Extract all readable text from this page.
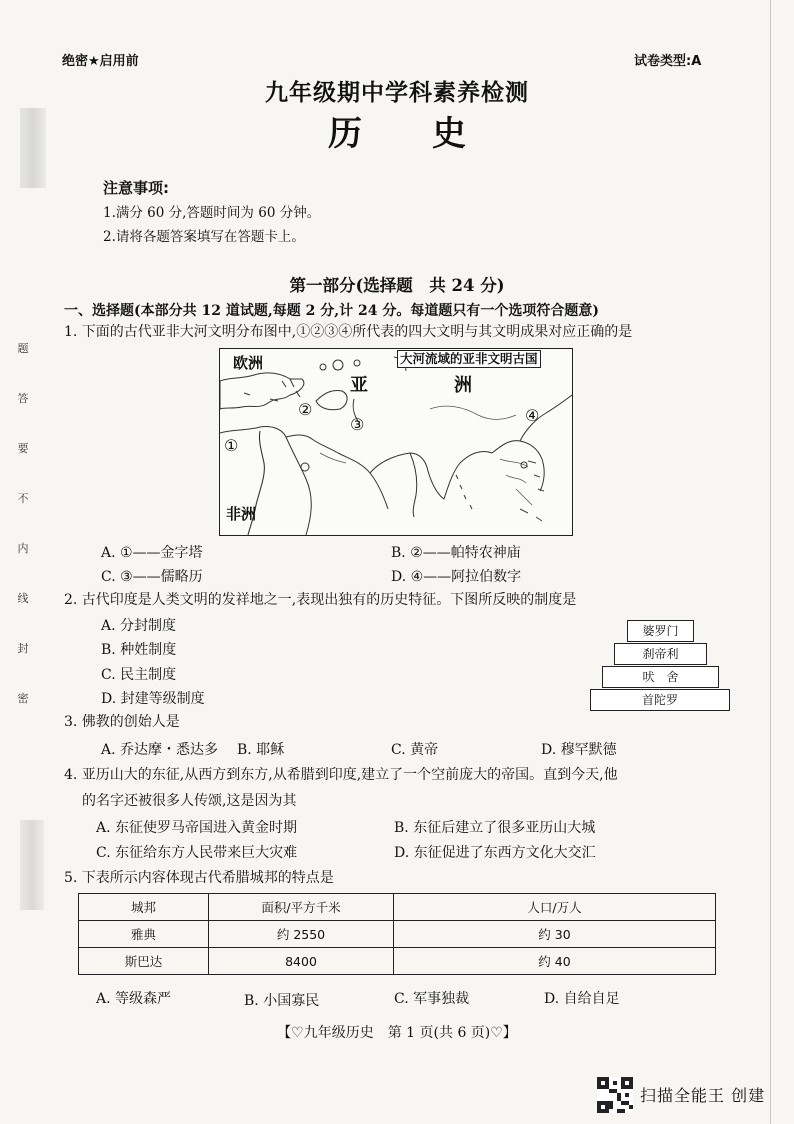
题
答
要
不
内
线
封
密
绝密★启用前	试卷类型:A
九年级期中学科素养检测
历史
注意事项:
1.满分 60 分,答题时间为 60 分钟。
2.请将各题答案填写在答题卡上。
第一部分(选择题　共 24 分)
一、选择题(本部分共 12 道试题,每题 2 分,计 24 分。每道题只有一个选项符合题意)
1. 下面的古代亚非大河文明分布图中,①②③④所代表的四大文明与其文明成果对应正确的是
欧洲
亚	洲
非洲
①
②
③	④
大河流域的亚非文明古国
A. ①——金字塔	B. ②——帕特农神庙
C. ③——儒略历	D. ④——阿拉伯数字
2. 古代印度是人类文明的发祥地之一,表现出独有的历史特征。下图所反映的制度是
A. 分封制度
B. 种姓制度
C. 民主制度
D. 封建等级制度
婆罗门
刹帝利
吠　舍
首陀罗
3. 佛教的创始人是
A. 乔达摩・悉达多 B. 耶稣	C. 黄帝	D. 穆罕默德
4. 亚历山大的东征,从西方到东方,从希腊到印度,建立了一个空前庞大的帝国。直到今天,他
的名字还被很多人传颂,这是因为其
A. 东征使罗马帝国进入黄金时期	B. 东征后建立了很多亚历山大城
C. 东征给东方人民带来巨大灾难	D. 东征促进了东西方文化大交汇
5. 下表所示内容体现古代希腊城邦的特点是
城邦	面积/平方千米	人口/万人
雅典	约 2550	约 30
斯巴达	8400	约 40
A. 等级森严	B. 小国寡民	C. 军事独裁	D. 自给自足
【♡九年级历史　第 1 页(共 6 页)♡】
扫描全能王 创建
